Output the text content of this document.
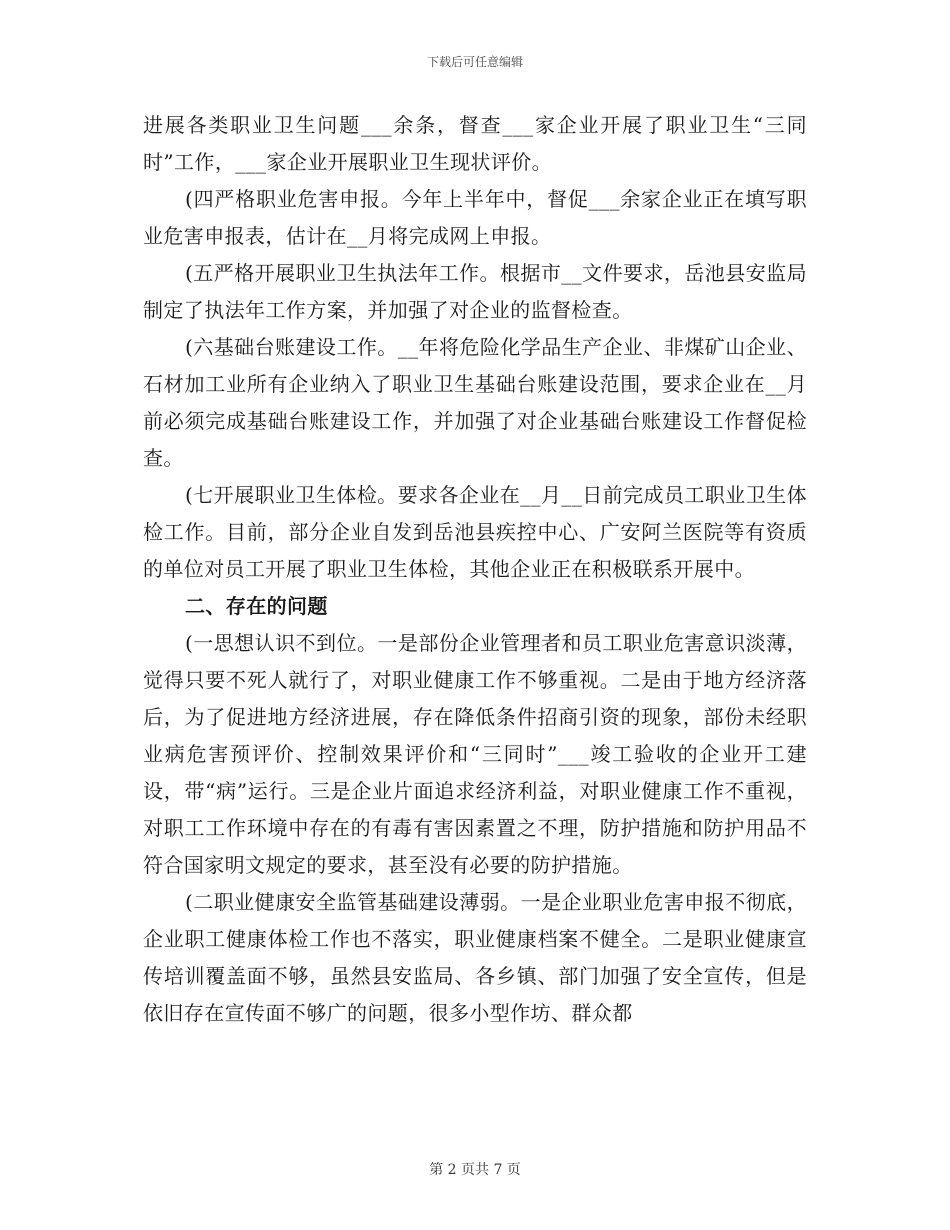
下载后可任意编辑

进展各类职业卫生问题___余条，督查___家企业开展了职业卫生“三同时”工作，___家企业开展职业卫生现状评价。

(四严格职业危害申报。今年上半年中，督促___余家企业正在填写职业危害申报表，估计在__月将完成网上申报。

(五严格开展职业卫生执法年工作。根据市__文件要求，岳池县安监局制定了执法年工作方案，并加强了对企业的监督检查。

(六基础台账建设工作。__年将危险化学品生产企业、非煤矿山企业、石材加工业所有企业纳入了职业卫生基础台账建设范围，要求企业在__月前必须完成基础台账建设工作，并加强了对企业基础台账建设工作督促检查。

(七开展职业卫生体检。要求各企业在__月__日前完成员工职业卫生体检工作。目前，部分企业自发到岳池县疾控中心、广安阿兰医院等有资质的单位对员工开展了职业卫生体检，其他企业正在积极联系开展中。

二、存在的问题

(一思想认识不到位。一是部份企业管理者和员工职业危害意识淡薄，觉得只要不死人就行了，对职业健康工作不够重视。二是由于地方经济落后，为了促进地方经济进展，存在降低条件招商引资的现象，部份未经职业病危害预评价、控制效果评价和“三同时”___竣工验收的企业开工建设，带“病”运行。三是企业片面追求经济利益，对职业健康工作不重视，对职工工作环境中存在的有毒有害因素置之不理，防护措施和防护用品不符合国家明文规定的要求，甚至没有必要的防护措施。

(二职业健康安全监管基础建设薄弱。一是企业职业危害申报不彻底，企业职工健康体检工作也不落实，职业健康档案不健全。二是职业健康宣传培训覆盖面不够，虽然县安监局、各乡镇、部门加强了安全宣传，但是依旧存在宣传面不够广的问题，很多小型作坊、群众都

第 2 页共 7 页
